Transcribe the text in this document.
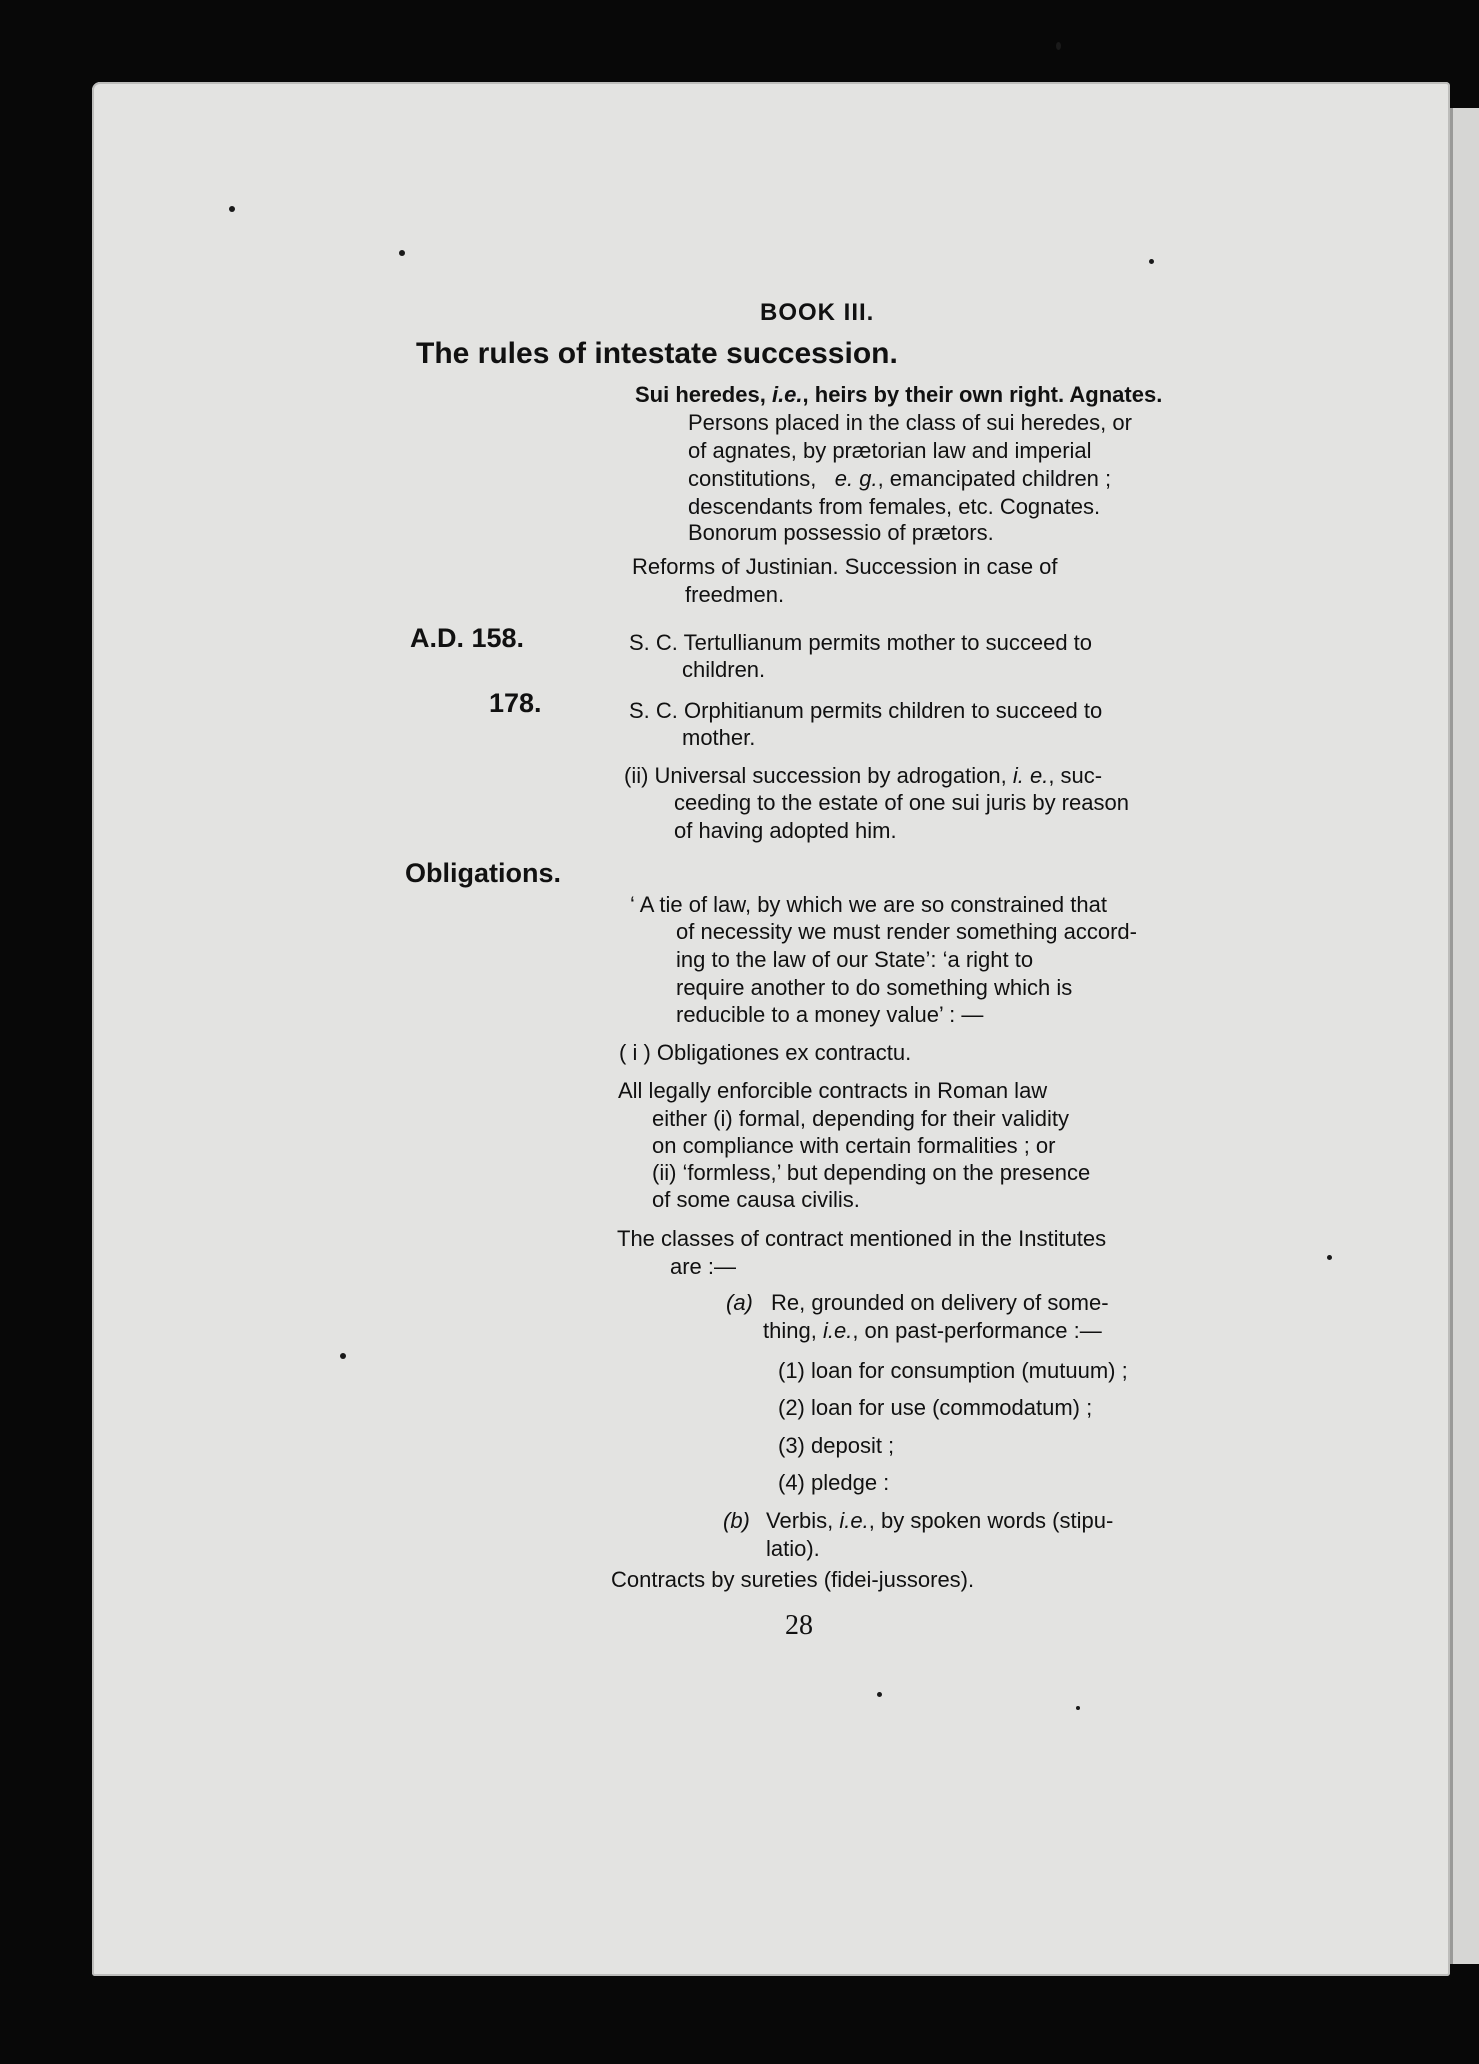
BOOK III.
The rules of intestate succession.
Sui heredes, i.e., heirs by their own right. Agnates.
Persons placed in the class of sui heredes, or
of agnates, by prætorian law and imperial
constitutions, e. g., emancipated children ;
descendants from females, etc. Cognates.
Bonorum possessio of prætors.
Reforms of Justinian. Succession in case of
freedmen.
A.D. 158.	S. C. Tertullianum permits mother to succeed to
children.
178.	S. C. Orphitianum permits children to succeed to
mother.
(ii) Universal succession by adrogation, i. e., suc-
ceeding to the estate of one sui juris by reason
of having adopted him.
Obligations.
‘ A tie of law, by which we are so constrained that
of necessity we must render something accord-
ing to the law of our State’: ‘a right to
require another to do something which is
reducible to a money value’ : —
( i ) Obligationes ex contractu.
All legally enforcible contracts in Roman law
either (i) formal, depending for their validity
on compliance with certain formalities ; or
(ii) ‘formless,’ but depending on the presence
of some causa civilis.
The classes of contract mentioned in the Institutes
are :—
(a) Re, grounded on delivery of some-
thing, i.e., on past-performance :—
(1) loan for consumption (mutuum) ;
(2) loan for use (commodatum) ;
(3) deposit ;
(4) pledge :
(b) Verbis, i.e., by spoken words (stipu-
latio).
Contracts by sureties (fidei-jussores).
28
